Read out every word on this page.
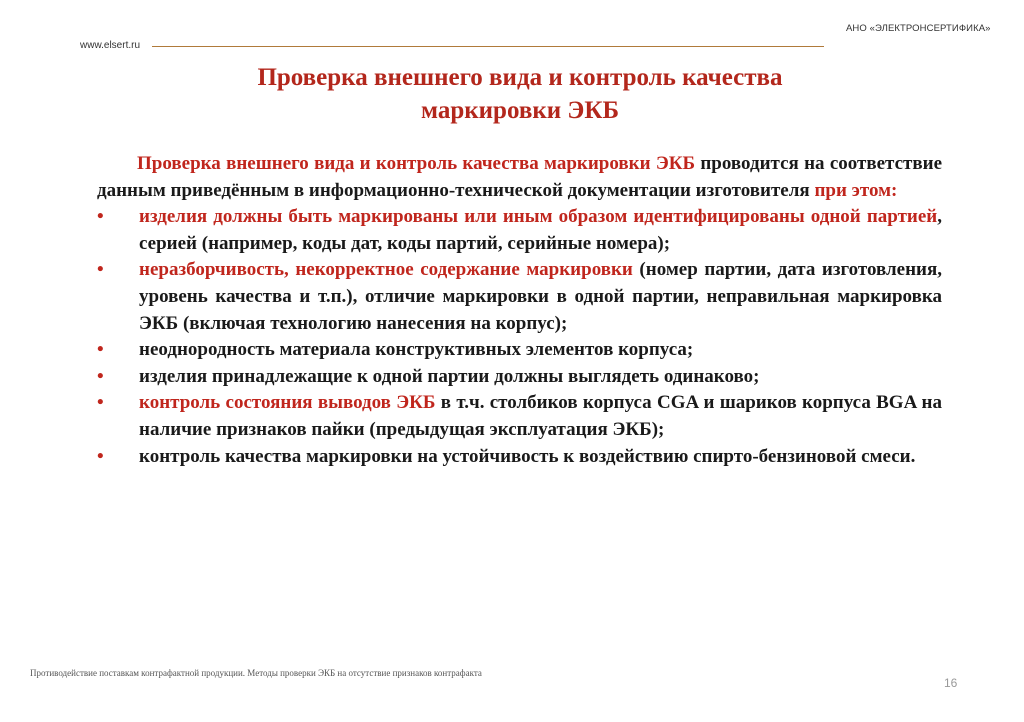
АНО «ЭЛЕКТРОНСЕРТИФИКА»
www.elsert.ru
Проверка внешнего вида и контроль качества
маркировки ЭКБ

Проверка внешнего вида и контроль качества маркировки ЭКБ проводится на соответствие данным приведённым в информационно-технической документации изготовителя при этом:

• изделия должны быть маркированы или иным образом идентифицированы одной партией, серией (например, коды дат, коды партий, серийные номера);

• неразборчивость, некорректное содержание маркировки (номер партии, дата изготовления, уровень качества и т.п.), отличие маркировки в одной партии, неправильная маркировка ЭКБ (включая технологию нанесения на корпус);

• неоднородность материала конструктивных элементов корпуса;

• изделия принадлежащие к одной партии должны выглядеть одинаково;

• контроль состояния выводов ЭКБ в т.ч. столбиков корпуса CGA и шариков корпуса BGA на наличие признаков пайки (предыдущая эксплуатация ЭКБ);

• контроль качества маркировки на устойчивость к воздействию спирто-бензиновой смеси.

Противодействие поставкам контрафактной продукции. Методы проверки ЭКБ на отсутствие признаков контрафакта
16
